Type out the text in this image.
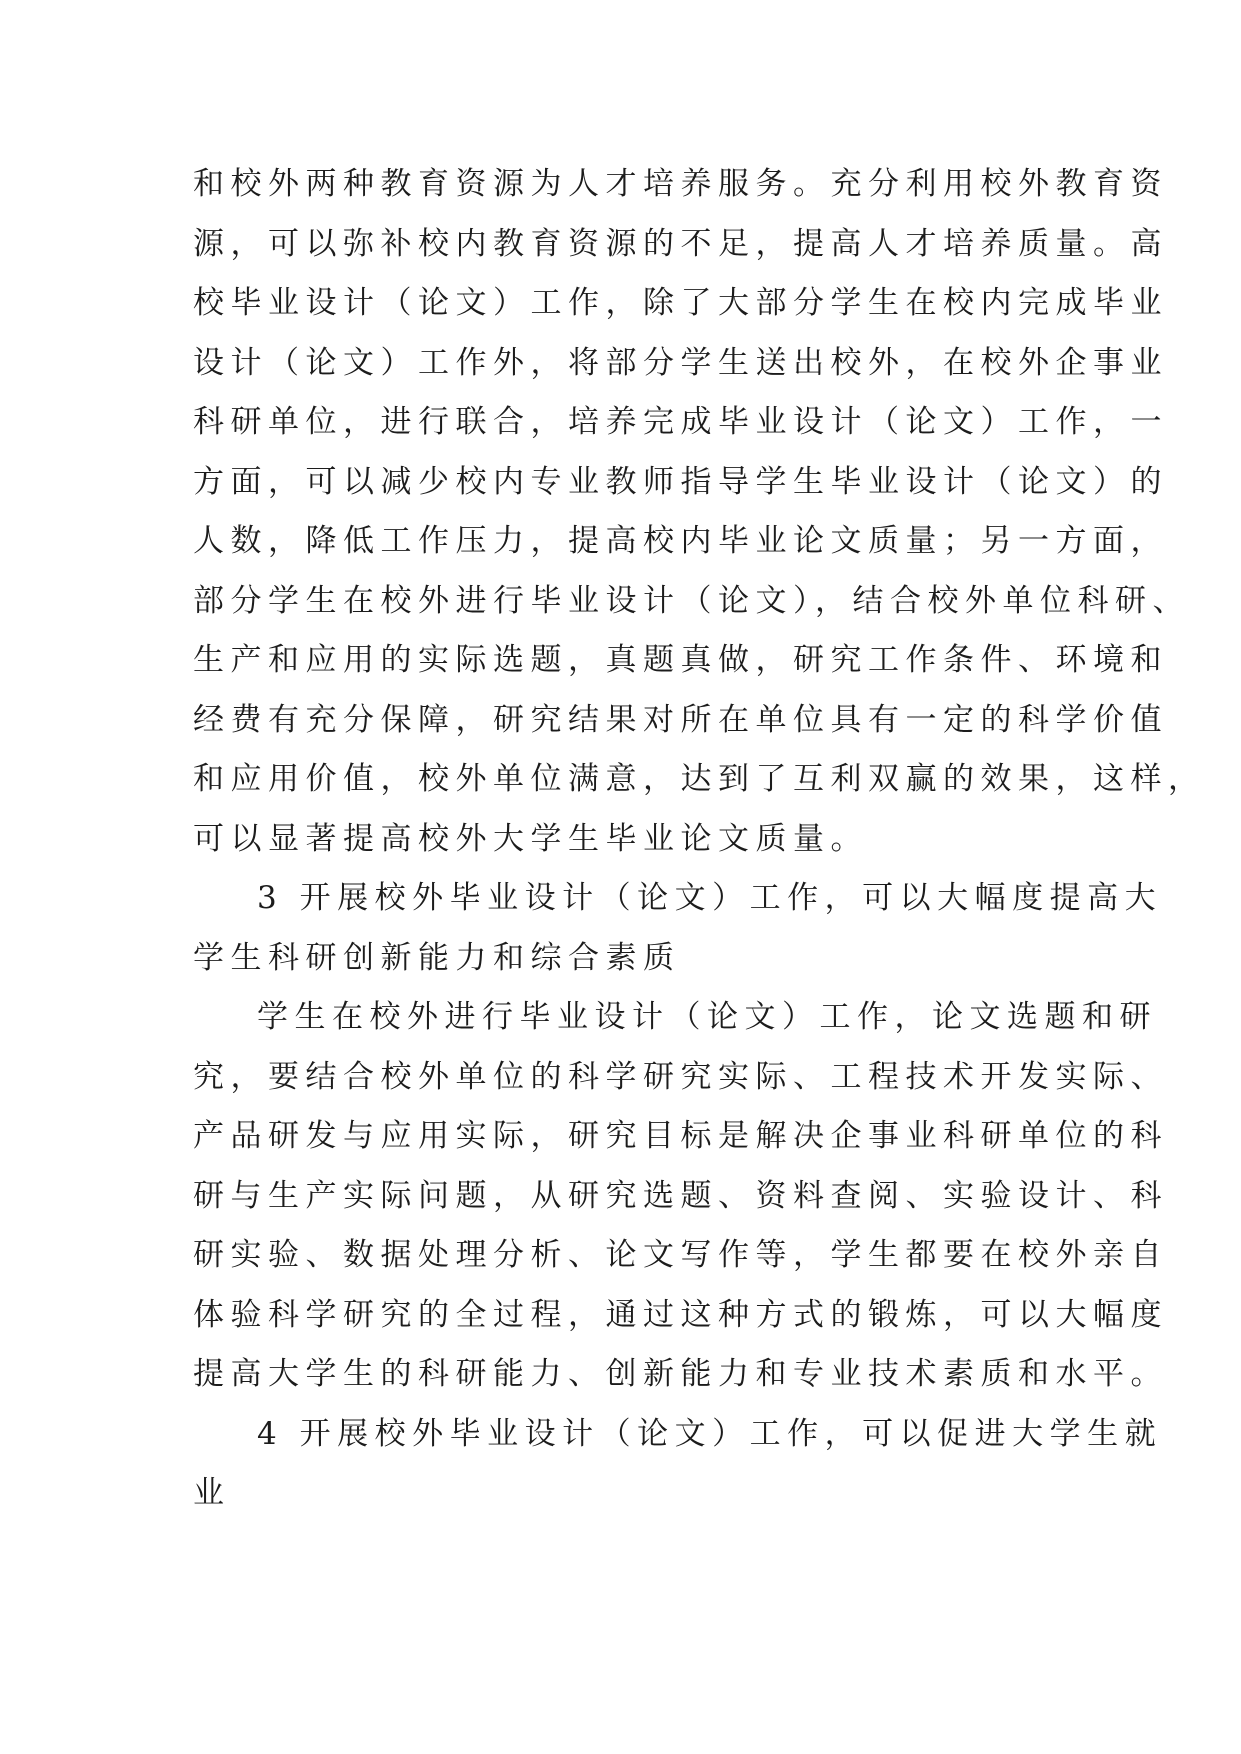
和校外两种教育资源为人才培养服务。充分利用校外教育资
源，可以弥补校内教育资源的不足，提高人才培养质量。高
校毕业设计（论文）工作，除了大部分学生在校内完成毕业
设计（论文）工作外，将部分学生送出校外，在校外企事业
科研单位，进行联合，培养完成毕业设计（论文）工作，一
方面，可以减少校内专业教师指导学生毕业设计（论文）的
人数，降低工作压力，提高校内毕业论文质量；另一方面，
部分学生在校外进行毕业设计（论文），结合校外单位科研、
生产和应用的实际选题，真题真做，研究工作条件、环境和
经费有充分保障，研究结果对所在单位具有一定的科学价值
和应用价值，校外单位满意，达到了互利双赢的效果，这样，
可以显著提高校外大学生毕业论文质量。
3 开展校外毕业设计（论文）工作，可以大幅度提高大
学生科研创新能力和综合素质
学生在校外进行毕业设计（论文）工作，论文选题和研
究，要结合校外单位的科学研究实际、工程技术开发实际、
产品研发与应用实际，研究目标是解决企事业科研单位的科
研与生产实际问题，从研究选题、资料查阅、实验设计、科
研实验、数据处理分析、论文写作等，学生都要在校外亲自
体验科学研究的全过程，通过这种方式的锻炼，可以大幅度
提高大学生的科研能力、创新能力和专业技术素质和水平。
4 开展校外毕业设计（论文）工作，可以促进大学生就
业
